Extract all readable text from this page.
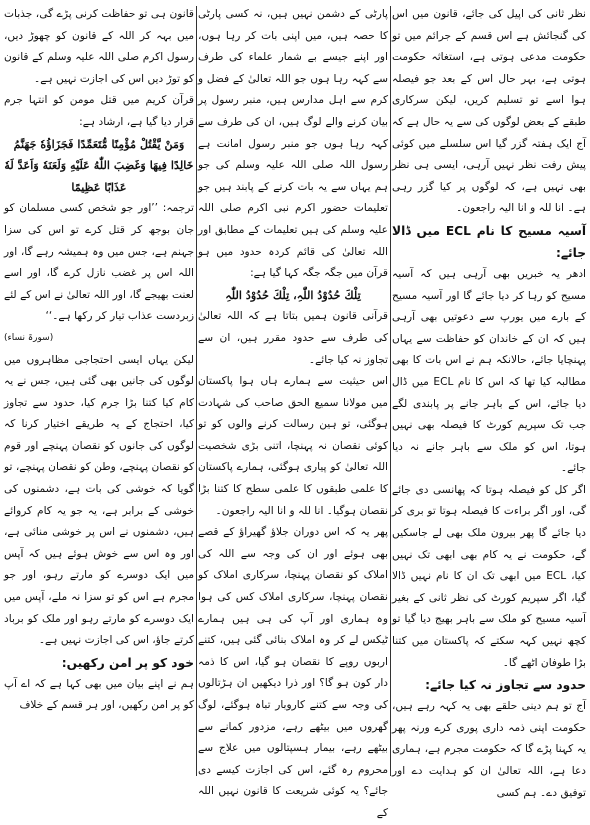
نظر ثانی کی اپیل کی جائے، قانون میں اس کی گنجائش ہے اس قسم کے جرائم میں تو حکومت مدعی ہوتی ہے، استغاثہ حکومت ہوتی ہے، بہر حال اس کے بعد جو فیصلہ ہوا اسے تو تسلیم کریں، لیکن سرکاری طبقے کے بعض لوگوں کی سے یہ حال ہے کہ آج ایک ہفتہ گزر گیا اس سلسلے میں کوئی پیش رفت نظر نہیں آرہی، ایسی ہی نظر بھی نہیں ہے، کہ لوگوں پر کیا گزر رہی ہے۔ انا للہ و انا الیہ راجعون۔

آسیہ مسیح کا نام ECL میں ڈالا جائے:

ادھر یہ خبریں بھی آرہی ہیں کہ آسیہ مسیح کو رہا کر دیا جائے گا اور آسیہ مسیح کے بارے میں یورپ سے دعوتیں بھی آرہی ہیں کہ ان کے خاندان کو حفاظت سے یہاں پہنچایا جائے، حالانکہ ہم نے اس بات کا بھی مطالبہ کیا تھا کہ اس کا نام ECL میں ڈال دیا جائے، اس کے باہر جانے پر پابندی لگے جب تک سپریم کورٹ کا فیصلہ بھی نہیں ہوتا، اس کو ملک سے باہر جانے نہ دیا جائے۔

اگر کل کو فیصلہ ہوتا کہ پھانسی دی جائے گی، اور اگر براءت کا فیصلہ ہوتا تو بری کر دیا جائے گا پھر بیرون ملک بھی لے جاسکیں گے، حکومت نے یہ کام بھی ابھی تک نہیں کیا، ECL میں ابھی تک ان کا نام نہیں ڈالا گیا، اگر سپریم کورٹ کی نظر ثانی کے بغیر آسیہ مسیح کو ملک سے باہر بھیج دیا گیا تو کچھ نہیں کہہ سکتے کہ پاکستان میں کتنا بڑا طوفان اٹھے گا۔

حدود سے تجاوز نہ کیا جائے:

آج تو ہم دینی حلقے بھی یہ کہہ رہے ہیں، حکومت اپنی ذمہ داری پوری کرے ورنہ پھر یہ کہنا پڑے گا کہ حکومت مجرم ہے، ہماری دعا ہے، اللہ تعالیٰ ان کو ہدایت دے اور توفیق دے۔ ہم کسی

پارٹی کے دشمن نہیں ہیں، نہ کسی پارٹی کا حصہ ہیں، میں اپنی بات کر رہا ہوں، اور اپنے جیسے بے شمار علماء کی طرف سے کہہ رہا ہوں جو اللہ تعالیٰ کے فضل و کرم سے اہل مدارس ہیں، منبر رسول پر بیان کرنے والے لوگ ہیں، ان کی طرف سے کہہ رہا ہوں جو منبر رسول امانت ہے رسول اللہ صلی اللہ علیہ وسلم کی جو ہم یہاں سے یہ بات کرنے کے پابند ہیں جو تعلیمات حضور اکرم نبی اکرم صلی اللہ علیہ وسلم کی ہیں تعلیمات کے مطابق اور اللہ تعالیٰ کی قائم کردہ حدود میں ہو قرآن میں جگہ جگہ کہا گیا ہے:

تِلْكَ حُدُوْدُ اللّٰہِ، تِلْكَ حُدُوْدُ اللّٰہِ

قرآنی قانون ہمیں بتاتا ہے کہ اللہ تعالیٰ کی طرف سے حدود مقرر ہیں، ان سے تجاوز نہ کیا جائے۔

اس حیثیت سے ہمارے ہاں ہوا پاکستان میں مولانا سمیع الحق صاحب کی شہادت ہوگئی، تو ہین رسالت کرنے والوں کو تو کوئی نقصان نہ پہنچا، اتنی بڑی شخصیت اللہ تعالیٰ کو پیاری ہوگئی، ہمارے پاکستان کا علمی طبقوں کا علمی سطح کا کتنا بڑا نقصان ہوگیا۔ انا للہ و انا الیہ راجعون۔

پھر یہ کہ اس دوران جلاؤ گھیراؤ کے قصے بھی ہوئے اور ان کی وجہ سے اللہ کی املاک کو نقصان پہنچا، سرکاری املاک کو نقصان پہنچا، سرکاری املاک کس کی ہوا وہ ہماری اور آپ کی ہی ہیں ہمارے ٹیکس لے کر وہ املاک بنائی گئی ہیں، کتنے اربوں روپے کا نقصان ہو گیا، اس کا ذمہ دار کون ہو گا؟ اور ذرا دیکھیں ان ہڑتالوں کی وجہ سے کتنے کاروبار تباہ ہوگئے، لوگ گھروں میں بیٹھے رہے، مزدور کمانے سے بیٹھے رہے، بیمار ہسپتالوں میں علاج سے محروم رہ گئے، اس کی اجازت کیسے دی جائے؟ یہ کوئی شریعت کا قانون نہیں اللہ کے

قانون ہی تو حفاظت کرنی پڑے گی، جذبات میں بہہ کر اللہ کے قانون کو چھوڑ دیں، رسول اکرم صلی اللہ علیہ وسلم کے قانون کو توڑ دیں اس کی اجازت نہیں ہے۔

قرآن کریم میں قتل مومن کو انتہا جرم قرار دیا گیا ہے، ارشاد ہے:

وَمَنْ يَّقْتُلْ مُؤْمِنًا مُّتَعَمِّدًا فَجَزَاؤُهٗ جَهَنَّمُ خَالِدًا فِيهَا وَغَضِبَ اللّٰهُ عَلَيْهِ وَلَعَنَهٗ وَاَعَدَّ لَهٗ عَذَابًا عَظِيمًا

ترجمہ: ’’اور جو شخص کسی مسلمان کو جان بوجھ کر قتل کرے تو اس کی سزا جہنم ہے، جس میں وہ ہمیشہ رہے گا، اور اللہ اس پر غضب نازل کرے گا، اور اسے لعنت بھیجے گا، اور اللہ تعالیٰ نے اس کے لئے زبردست عذاب تیار کر رکھا ہے۔‘‘

(سورۃ نساء)

لیکن یہاں ایسی احتجاجی مظاہروں میں لوگوں کی جانیں بھی گئی ہیں، جس نے یہ کام کیا کتنا بڑا جرم کیا، حدود سے تجاوز کیا، احتجاج کے یہ طریقے اختیار کرنا کہ لوگوں کی جانوں کو نقصان پہنچے اور قوم کو نقصان پہنچے، وطن کو نقصان پہنچے، تو گویا کہ خوشی کی بات ہے، دشمنوں کی خوشی کے برابر ہے، یہ جو یہ کام کروائے ہیں، دشمنوں نے اس پر خوشی منائی ہے، اور وہ اس سے خوش ہوئے ہیں کہ آپس میں ایک دوسرے کو مارتے رہو، اور جو مجرم ہے اس کو تو سزا نہ ملے، آپس میں ایک دوسرے کو مارتے رہو اور ملک کو برباد کرتے جاؤ، اس کی اجازت نہیں ہے۔

خود کو پر امن رکھیں:

ہم نے اپنے بیان میں بھی کہا ہے کہ اے آپ کو پر امن رکھیں، اور ہر قسم کے خلاف
